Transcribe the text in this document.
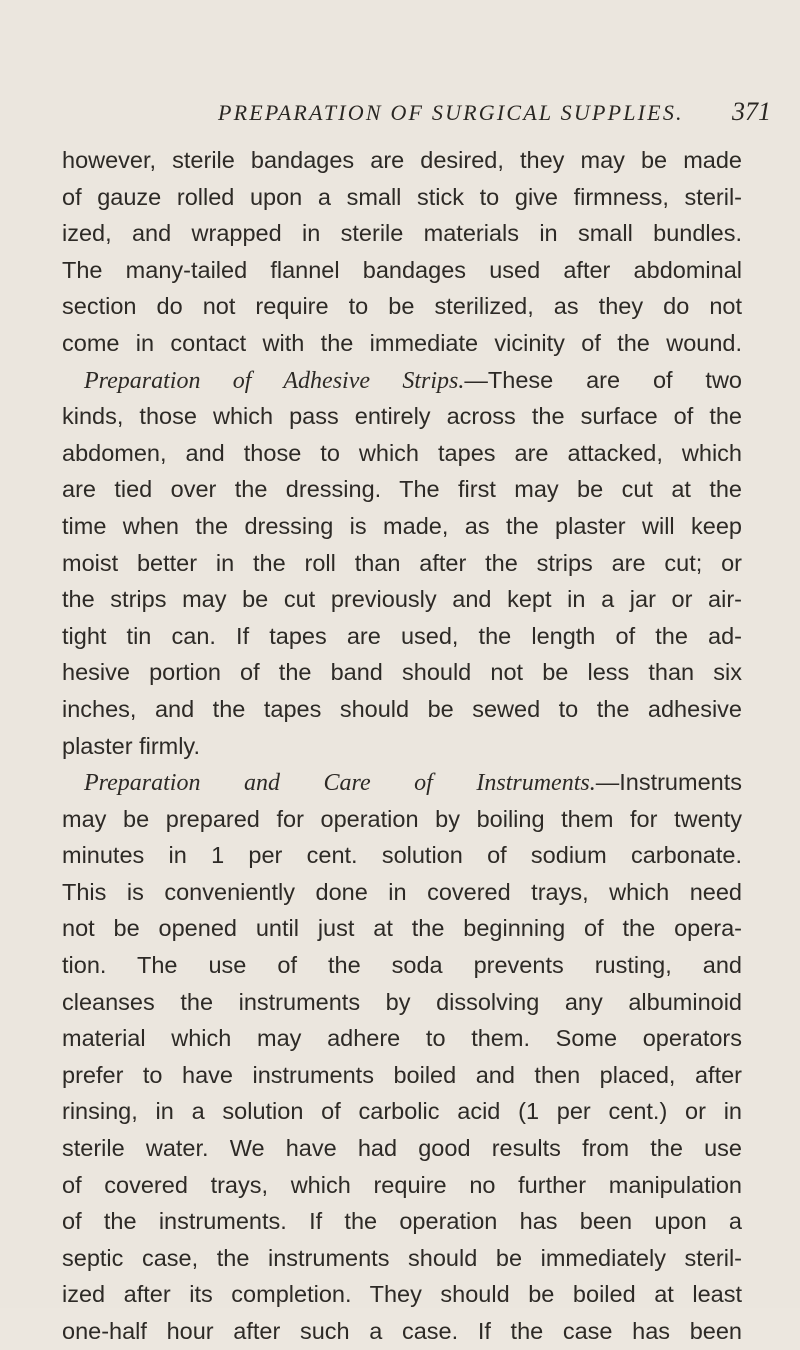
PREPARATION OF SURGICAL SUPPLIES. 371
however, sterile bandages are desired, they may be made
of gauze rolled upon a small stick to give firmness, steril-
ized, and wrapped in sterile materials in small bundles.
The many-tailed flannel bandages used after abdominal
section do not require to be sterilized, as they do not
come in contact with the immediate vicinity of the wound.
Preparation of Adhesive Strips.—These are of two
kinds, those which pass entirely across the surface of the
abdomen, and those to which tapes are attacked, which
are tied over the dressing. The first may be cut at the
time when the dressing is made, as the plaster will keep
moist better in the roll than after the strips are cut; or
the strips may be cut previously and kept in a jar or air-
tight tin can. If tapes are used, the length of the ad-
hesive portion of the band should not be less than six
inches, and the tapes should be sewed to the adhesive
plaster firmly.
Preparation and Care of Instruments.—Instruments
may be prepared for operation by boiling them for twenty
minutes in 1 per cent. solution of sodium carbonate.
This is conveniently done in covered trays, which need
not be opened until just at the beginning of the opera-
tion. The use of the soda prevents rusting, and
cleanses the instruments by dissolving any albuminoid
material which may adhere to them. Some operators
prefer to have instruments boiled and then placed, after
rinsing, in a solution of carbolic acid (1 per cent.) or in
sterile water. We have had good results from the use
of covered trays, which require no further manipulation
of the instruments. If the operation has been upon a
septic case, the instruments should be immediately steril-
ized after its completion. They should be boiled at least
one-half hour after such a case. If the case has been
